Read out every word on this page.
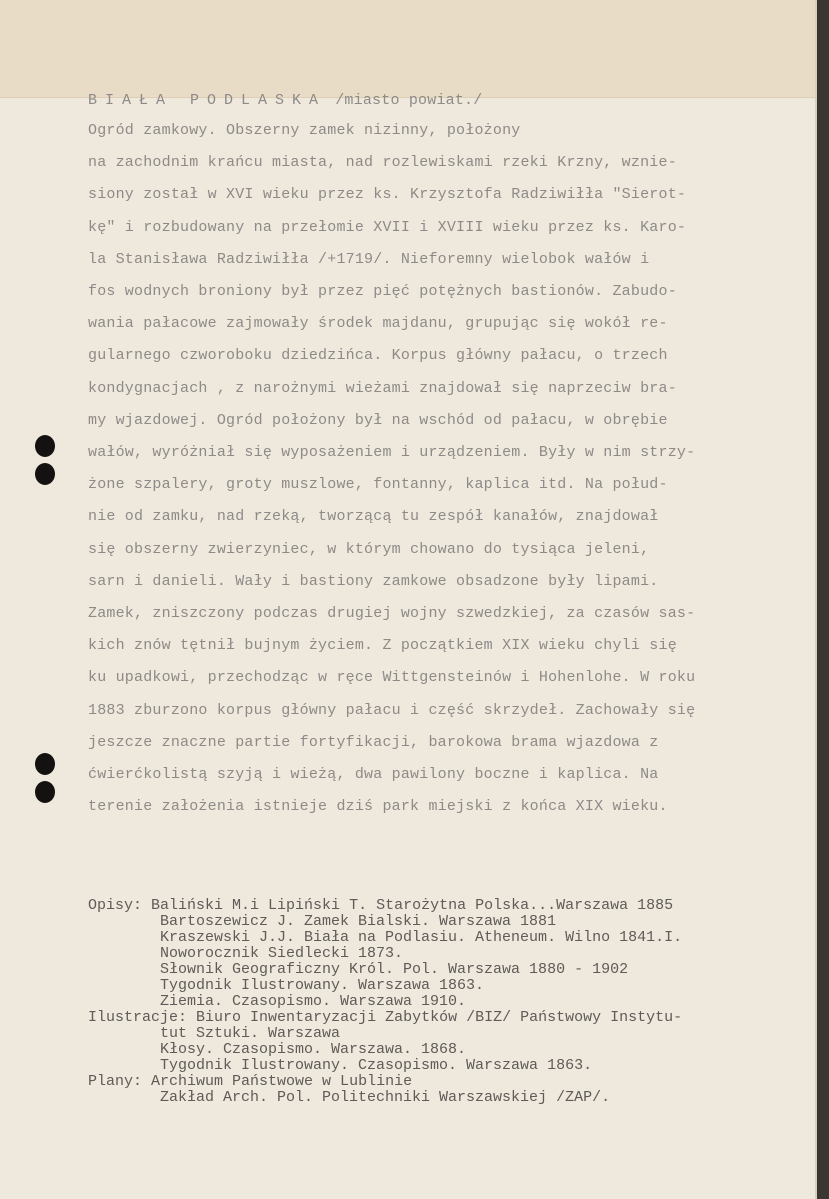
BIAŁA PODLASKA /miasto powiat./
Ogród zamkowy. Obszerny zamek nizinny, położony
na zachodnim krańcu miasta, nad rozlewiskami rzeki Krzny, wznie-
siony został w XVI wieku przez ks. Krzysztofa Radziwiłła "Sierot-
kę" i rozbudowany na przełomie XVII i XVIII wieku przez ks. Karo-
la Stanisława Radziwiłła /+1719/. Nieforemny wielobok wałów i
fos wodnych broniony był przez pięć potężnych bastionów. Zabudo-
wania pałacowe zajmowały środek majdanu, grupując się wokół re-
gularnego czworoboku dziedzińca. Korpus główny pałacu, o trzech
kondygnacjach , z narożnymi wieżami znajdował się naprzeciw bra-
my wjazdowej. Ogród położony był na wschód od pałacu, w obrębie
wałów, wyróżniał się wyposażeniem i urządzeniem. Były w nim strzy-
żone szpalery, groty muszlowe, fontanny, kaplica itd. Na połud-
nie od zamku, nad rzeką, tworzącą tu zespół kanałów, znajdował
się obszerny zwierzyniec, w którym chowano do tysiąca jeleni,
sarn i danieli. Wały i bastiony zamkowe obsadzone były lipami.
Zamek, zniszczony podczas drugiej wojny szwedzkiej, za czasów sas-
kich znów tętnił bujnym życiem. Z początkiem XIX wieku chyli się
ku upadkowi, przechodząc w ręce Wittgensteinów i Hohenlohe. W roku
1883 zburzono korpus główny pałacu i część skrzydeł. Zachowały się
jeszcze znaczne partie fortyfikacji, barokowa brama wjazdowa z
ćwierćkolistą szyją i wieżą, dwa pawilony boczne i kaplica. Na
terenie założenia istnieje dziś park miejski z końca XIX wieku.
Opisy: Baliński M.i Lipiński T. Starożytna Polska...Warszawa 1885
Bartoszewicz J. Zamek Bialski. Warszawa 1881
Kraszewski J.J. Biała na Podlasiu. Atheneum. Wilno 1841.I.
Noworocznik Siedlecki 1873.
Słownik Geograficzny Król. Pol. Warszawa 1880 - 1902
Tygodnik Ilustrowany. Warszawa 1863.
Ziemia. Czasopismo. Warszawa 1910.
Ilustracje: Biuro Inwentaryzacji Zabytków /BIZ/ Państwowy Instytu-
tut Sztuki. Warszawa
Kłosy. Czasopismo. Warszawa. 1868.
Tygodnik Ilustrowany. Czasopismo. Warszawa 1863.
Plany: Archiwum Państwowe w Lublinie
Zakład Arch. Pol. Politechniki Warszawskiej /ZAP/.
